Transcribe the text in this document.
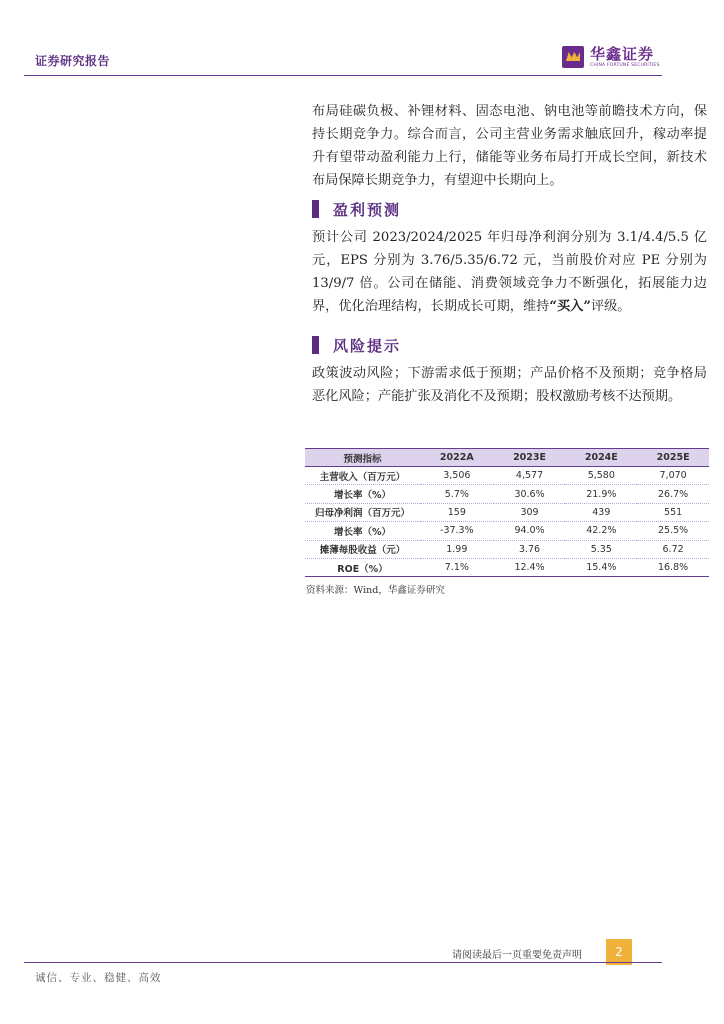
证券研究报告	华鑫证券
CHINA FORTUNE SECURITIES

布局硅碳负极、补锂材料、固态电池、钠电池等前瞻技术方向，保持长期竞争力。综合而言，公司主营业务需求触底回升，稼动率提升有望带动盈利能力上行，储能等业务布局打开成长空间，新技术布局保障长期竞争力，有望迎中长期向上。

盈利预测

预计公司 2023/2024/2025 年归母净利润分别为 3.1/4.4/5.5 亿元，EPS 分别为 3.76/5.35/6.72 元，当前股价对应 PE 分别为 13/9/7 倍。公司在储能、消费领域竞争力不断强化，拓展能力边界，优化治理结构，长期成长可期，维持“买入”评级。

风险提示

政策波动风险；下游需求低于预期；产品价格不及预期；竞争格局恶化风险；产能扩张及消化不及预期；股权激励考核不达预期。

预测指标	2022A	2023E	2024E	2025E
主营收入（百万元）	3,506	4,577	5,580	7,070
增长率（%）	5.7%	30.6%	21.9%	26.7%
归母净利润（百万元）	159	309	439	551
增长率（%）	-37.3%	94.0%	42.2%	25.5%
摊薄每股收益（元）	1.99	3.76	5.35	6.72
ROE（%）	7.1%	12.4%	15.4%	16.8%
资料来源：Wind，华鑫证券研究
请阅读最后一页重要免责声明	2
诚信、专业、稳健、高效
